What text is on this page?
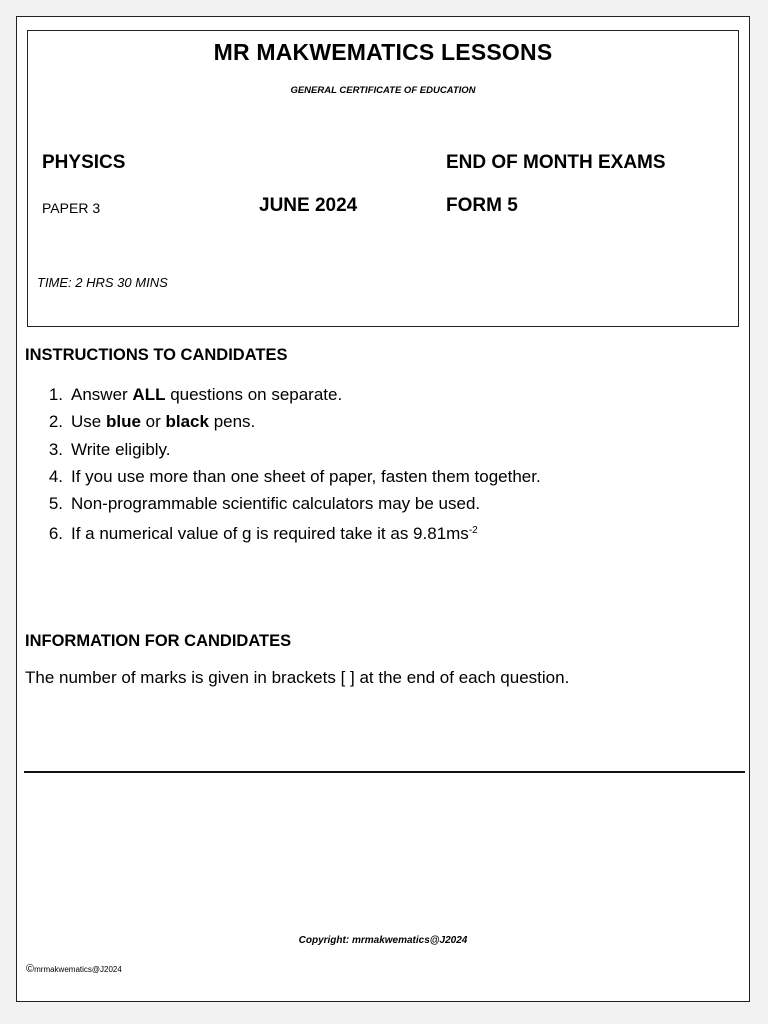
MR MAKWEMATICS LESSONS
GENERAL CERTIFICATE OF EDUCATION
PHYSICS	END OF MONTH EXAMS
PAPER 3	JUNE 2024	FORM 5
TIME: 2 HRS 30 MINS
INSTRUCTIONS TO CANDIDATES
1. Answer ALL questions on separate.
2. Use blue or black pens.
3. Write eligibly.
4. If you use more than one sheet of paper, fasten them together.
5. Non-programmable scientific calculators may be used.
6. If a numerical value of g is required take it as $9.81ms^{-2}$
INFORMATION FOR CANDIDATES
The number of marks is given in brackets [ ] at the end of each question.
Copyright: mrmakwematics@J2024
©mrmakwematics@J2024
